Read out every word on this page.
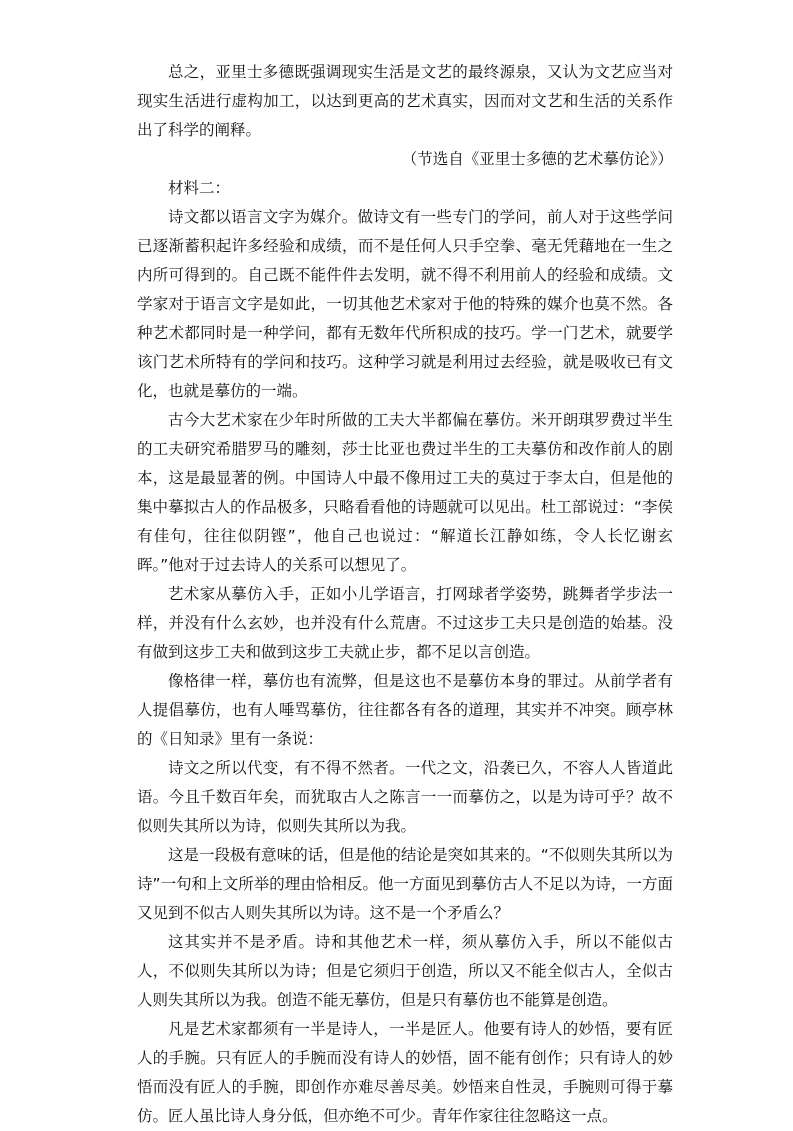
总之，亚里士多德既强调现实生活是文艺的最终源泉，又认为文艺应当对现实生活进行虚构加工，以达到更高的艺术真实，因而对文艺和生活的关系作出了科学的阐释。

（节选自《亚里士多德的艺术摹仿论》）

材料二：

诗文都以语言文字为媒介。做诗文有一些专门的学问，前人对于这些学问已逐渐蓄积起许多经验和成绩，而不是任何人只手空拳、毫无凭藉地在一生之内所可得到的。自己既不能件件去发明，就不得不利用前人的经验和成绩。文学家对于语言文字是如此，一切其他艺术家对于他的特殊的媒介也莫不然。各种艺术都同时是一种学问，都有无数年代所积成的技巧。学一门艺术，就要学该门艺术所特有的学问和技巧。这种学习就是利用过去经验，就是吸收已有文化，也就是摹仿的一端。

古今大艺术家在少年时所做的工夫大半都偏在摹仿。米开朗琪罗费过半生的工夫研究希腊罗马的雕刻，莎士比亚也费过半生的工夫摹仿和改作前人的剧本，这是最显著的例。中国诗人中最不像用过工夫的莫过于李太白，但是他的集中摹拟古人的作品极多，只略看看他的诗题就可以见出。杜工部说过：“李侯有佳句，往往似阴铿”，他自己也说过：“解道长江静如练，令人长忆谢玄晖。”他对于过去诗人的关系可以想见了。

艺术家从摹仿入手，正如小儿学语言，打网球者学姿势，跳舞者学步法一样，并没有什么玄妙，也并没有什么荒唐。不过这步工夫只是创造的始基。没有做到这步工夫和做到这步工夫就止步，都不足以言创造。

像格律一样，摹仿也有流弊，但是这也不是摹仿本身的罪过。从前学者有人提倡摹仿，也有人唾骂摹仿，往往都各有各的道理，其实并不冲突。顾亭林的《日知录》里有一条说：

诗文之所以代变，有不得不然者。一代之文，沿袭已久，不容人人皆道此语。今且千数百年矣，而犹取古人之陈言一一而摹仿之，以是为诗可乎？故不似则失其所以为诗，似则失其所以为我。

这是一段极有意味的话，但是他的结论是突如其来的。“不似则失其所以为诗”一句和上文所举的理由恰相反。他一方面见到摹仿古人不足以为诗，一方面又见到不似古人则失其所以为诗。这不是一个矛盾么？

这其实并不是矛盾。诗和其他艺术一样，须从摹仿入手，所以不能似古人，不似则失其所以为诗；但是它须归于创造，所以又不能全似古人，全似古人则失其所以为我。创造不能无摹仿，但是只有摹仿也不能算是创造。

凡是艺术家都须有一半是诗人，一半是匠人。他要有诗人的妙悟，要有匠人的手腕。只有匠人的手腕而没有诗人的妙悟，固不能有创作；只有诗人的妙悟而没有匠人的手腕，即创作亦难尽善尽美。妙悟来自性灵，手腕则可得于摹仿。匠人虽比诗人身分低，但亦绝不可少。青年作家往往忽略这一点。
